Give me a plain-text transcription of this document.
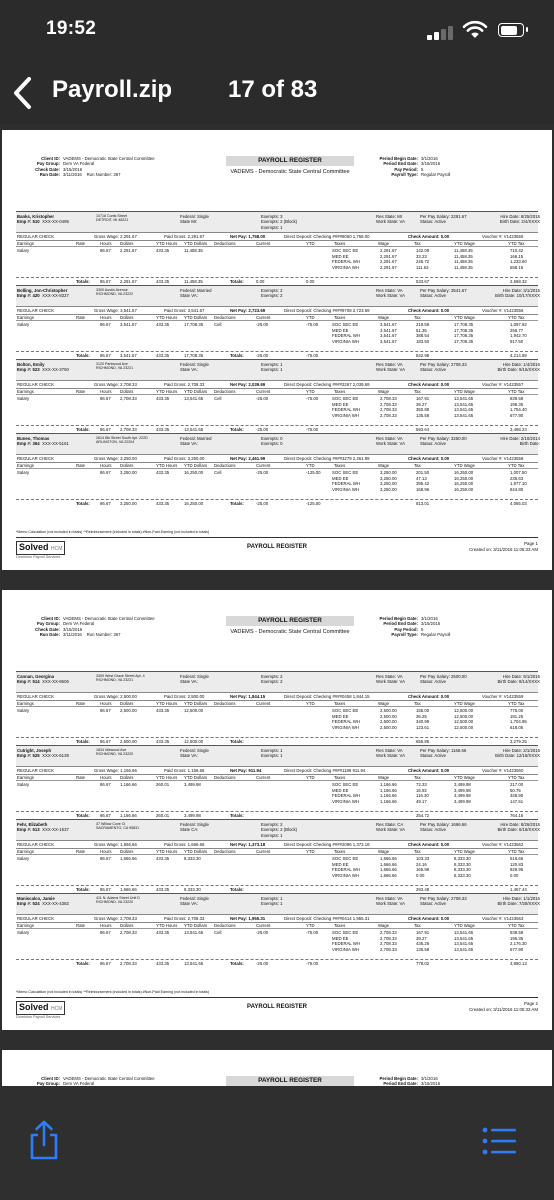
19:52
Payroll.zip 17 of 83
Client ID: VADEMS - Democratic State Central Committee
Pay Group: Dem VA Federal
Check Date: 3/15/2016
Run Date: 3/11/2016
Run Number: 367
PAYROLL REGISTER
VADEMS - Democratic State Central Committee
Period Begin Date: 3/1/2016
Period End Date: 3/15/2016
Pay Period: 5
Payroll Type: Regular Payroll
Banks, Kristopher
Emp #: 510 XXX-XX-0495
10718 Curtis Street
DETROIT, MI 48221
Federal: Single
State MI:
Exempts: 3
Exempts: 2 (Block)
Exempts: 1
Res State: MI
Work State: VA
Per Pay Salary: 2291.67
Status: Active
Hire Date: 8/25/2015
Birth Date: 2/4/XXXX
REGULAR CHECK	Gross Wage: 2,291.67	Paid Gross: 2,291.67	Net Pay: 1,758.00	Direct Deposit: Checking ####8050 1,758.00	Check Amount: 0.00	Voucher #: V1423555
Earnings	Rate	Hours Dollars	YTD Hours YTD Dollars Deductions	Current	YTD	Taxes	Wage	Tax	YTD Wage	YTD Tax
Salary	86.67 2,291.67	433.35	11,458.35	SOC SEC EE	2,291.67	142.09	11,458.35	710.42
MED EE	2,291.67	33.23	11,458.35	166.15
FEDERAL WH	2,291.67	246.72	11,458.35	1,233.60
VIRGINIA WH	2,291.67	111.63	11,458.35	558.15
Totals: 86.67 2,291.67	433.35	11,458.35	Totals:	0.00	0.00	533.67	2,668.32
Bolling, Jon-Christopher
Emp #: 420 XXX-XX-8327
3300 Austin Avenue
RICHMOND, VA 23222
Federal: Married
State VA:
Exempts: 2
Exempts: 2
Res State: VA
Work State: VA
Per Pay Salary: 3541.67
Status: Active
Hire Date: 3/1/2015
Birth Date: 10/17/XXXX
REGULAR CHECK	Gross Wage: 3,541.67	Paid Gross: 3,541.67	Net Pay: 2,723.69	Direct Deposit: Checking ####9708 2,723.69	Check Amount: 0.00	Voucher #: V1423556
Earnings	Rate	Hours Dollars	YTD Hours YTD Dollars Deductions	Current	YTD	Taxes	Wage	Tax	YTD Wage	YTD Tax
Salary	86.67 3,541.67	433.35	17,708.35	Cell	-25.00	-75.00	SOC SEC EE	3,541.67	219.59	17,708.35	1,097.92
MED EE	3,541.67	51.35	17,708.35	256.77
FEDERAL WH	3,541.67	388.54	17,708.35	1,942.70
VIRGINIA WH	3,541.67	183.50	17,708.35	917.50
Totals: 86.67 3,541.67	433.35	17,708.35	Totals:	-25.00	-75.00	842.98	4,214.89
Bolton, Emily
Emp #: 523 XXX-XX-3750
3120 Parkwood Ave
RICHMOND, VA 23221
Federal: Single
State VA:
Exempts: 1
Exempts: 1
Res State: VA
Work State: VA
Per Pay Salary: 2708.33
Status: Active
Hire Date: 1/4/2016
Birth Date: 9/16/XXXX
REGULAR CHECK	Gross Wage: 2,708.33	Paid Gross: 2,708.33	Net Pay: 2,039.69	Direct Deposit: Checking ####3267 2,039.69	Check Amount: 0.00	Voucher #: V1423557
Earnings	Rate	Hours Dollars	YTD Hours YTD Dollars Deductions	Current	YTD	Taxes	Wage	Tax	YTD Wage	YTD Tax
Salary	86.67 2,708.33	433.35	13,541.65	Cell	-25.00	-75.00	SOC SEC EE	2,708.33	167.91	13,541.65	839.58
MED EE	2,708.33	39.27	13,541.65	196.35
FEDERAL WH	2,708.33	350.88	13,541.65	1,754.40
VIRGINIA WH	2,708.33	135.58	13,541.65	677.90
Totals: 86.67 2,708.33	433.35	13,541.65	Totals:	-25.00	-75.00	693.64	3,468.23
Buneo, Thomas
Emp #: 364 XXX-XX-5161
2814 8th Street South Apt. 222D
ARLINGTON, VA 22204
Federal: Married
State VA:
Exempts: 0
Exempts: 0
Res State: VA
Work State: VA
Per Pay Salary: 3250.00
Status: Active
Hire Date: 2/10/2014
Birth Date:
REGULAR CHECK	Gross Wage: 3,250.00	Paid Gross: 3,250.00	Net Pay: 2,461.99	Direct Deposit: Checking ####3279 2,461.99	Check Amount: 0.00	Voucher #: V1423558
Earnings	Rate	Hours Dollars	YTD Hours YTD Dollars Deductions	Current	YTD	Taxes	Wage	Tax	YTD Wage	YTD Tax
Salary	86.67 3,250.00	433.35	16,250.00	Cell	-25.00	-125.00	SOC SEC EE	3,250.00	201.50	16,250.00	1,007.50
MED EE	3,250.00	47.13	16,250.00	235.63
FEDERAL WH	3,250.00	395.42	16,250.00	1,977.10
VIRGINIA WH	3,250.00	168.96	16,250.00	844.80
Totals: 86.67 3,250.00	433.35	16,250.00	Totals:	-25.00	-125.00	813.01	4,065.03
*Memo Calculation (not included in totals) **Reimbursement (included in totals) #Non-Paid Earning (not included in totals)
Solved HCM
Dominion Payroll Services
PAYROLL REGISTER
Page 1
Created on: 3/11/2016 11:05:33 AM
Client ID: VADEMS - Democratic State Central Committee
Pay Group: Dem VA Federal
Check Date: 3/15/2016
Run Date: 3/11/2016
Run Number: 367
PAYROLL REGISTER
VADEMS - Democratic State Central Committee
Period Begin Date: 3/1/2016
Period End Date: 3/15/2016
Pay Period: 5
Payroll Type: Regular Payroll
Cannan, Georgina
Emp #: 514 XXX-XX-8606
3309 West Grace Street Apt. 4
RICHMOND, VA 23221
Federal: Single
State VA:
Exempts: 2
Exempts: 2
Res State: VA
Work State: VA
Per Pay Salary: 2500.00
Status: Active
Hire Date: 9/1/2015
Birth Date: 8/14/XXXX
REGULAR CHECK	Gross Wage: 2,500.00	Paid Gross: 2,500.00	Net Pay: 1,844.15	Direct Deposit: Checking ####0458 1,844.15	Check Amount: 0.00	Voucher #: V1423559
Earnings	Rate	Hours Dollars	YTD Hours YTD Dollars Deductions	Current	YTD	Taxes	Wage	Tax	YTD Wage	YTD Tax
Salary	86.67 2,500.00	433.35	12,500.00	SOC SEC EE	2,500.00	155.00	12,500.00	775.00
MED EE	2,500.00	36.25	12,500.00	181.25
FEDERAL WH	2,500.00	340.99	12,500.00	1,704.95
VIRGINIA WH	2,500.00	123.61	12,500.00	618.05
Totals: 86.67 2,500.00	433.35	12,500.00	Totals:	655.85	3,279.25
Cutright, Joseph
Emp #: 525 XXX-XX-6139
1834 Idlewood Ave
RICHMOND, VA 23220
Federal: Single
State VA:
Exempts: 1
Exempts: 1
Res State: VA
Work State: VA
Per Pay Salary: 1166.66
Status: Active
Hire Date: 2/1/2016
Birth Date: 12/18/XXXX
REGULAR CHECK	Gross Wage: 1,166.66	Paid Gross: 1,166.66	Net Pay: 911.94	Direct Deposit: Checking ####1189 911.94	Check Amount: 0.00	Voucher #: V1423560
Earnings	Rate	Hours Dollars	YTD Hours YTD Dollars Deductions	Current	YTD	Taxes	Wage	Tax	YTD Wage	YTD Tax
Salary	86.67 1,166.66	260.01	3,499.98	SOC SEC EE	1,166.66	72.33	3,499.98	217.00
MED EE	1,166.66	16.92	3,499.98	50.75
FEDERAL WH	1,166.66	116.30	3,499.98	348.90
VIRGINIA WH	1,166.66	49.17	3,499.98	147.51
Totals: 86.67 1,166.66	260.01	3,499.98	Totals:	254.72	764.16
Fehr, Elizabeth
Emp #: 513 XXX-XX-1537
37 Willow Cove Ct
SACRAMENTO, CA 95831
Federal: Single
State CA:
Exempts: 2
Exempts: 2 (Block)
Exempts: 1
Res State: CA
Work State: VA
Per Pay Salary: 1666.66
Status: Active
Hire Date: 8/26/2015
Birth Date: 6/18/XXXX
REGULAR CHECK	Gross Wage: 1,666.66	Paid Gross: 1,666.66	Net Pay: 1,373.18	Direct Deposit: Checking ####2096 1,373.18	Check Amount: 0.00	Voucher #: V1423562
Earnings	Rate	Hours Dollars	YTD Hours YTD Dollars Deductions	Current	YTD	Taxes	Wage	Tax	YTD Wage	YTD Tax
Salary	86.67 1,666.66	433.35	8,333.30	SOC SEC EE	1,666.66	103.33	8,333.30	516.66
MED EE	1,666.66	24.16	8,333.30	120.83
FEDERAL WH	1,666.66	165.99	8,333.30	829.95
VIRGINIA WH	1,666.66	0.00	8,333.30	0.00
Totals: 86.67 1,666.66	433.35	8,333.30	Totals:	293.48	1,467.44
Maniscalco, Jamie
Emp #: 524 XXX-XX-4382
411 N. Adams Street Unit D
RICHMOND, VA 23220
Federal: Single
State VA:
Exempts: 1
Exempts: 1
Res State: VA
Work State: VA
Per Pay Salary: 2708.33
Status: Active
Hire Date: 1/1/2016
Birth Date: 7/28/XXXX
REGULAR CHECK	Gross Wage: 2,708.33	Paid Gross: 2,708.33	Net Pay: 1,955.31	Direct Deposit: Checking ####0414 1,955.31	Check Amount: 0.00	Voucher #: V1423563
Earnings	Rate	Hours Dollars	YTD Hours YTD Dollars Deductions	Current	YTD	Taxes	Wage	Tax	YTD Wage	YTD Tax
Salary	86.67 2,708.33	433.35	13,541.65	Cell	-25.00	-75.00	SOC SEC EE	2,708.33	167.91	13,541.65	839.58
MED EE	2,708.33	39.27	13,541.65	196.35
FEDERAL WH	2,708.33	435.26	13,541.65	2,176.30
VIRGINIA WH	2,708.33	135.58	13,541.65	677.90
Totals: 86.67 2,708.33	433.35	13,541.65	Totals:	-25.00	-75.00	778.02	3,890.13
*Memo Calculation (not included in totals) **Reimbursement (included in totals) #Non-Paid Earning (not included in totals)
Solved HCM
Dominion Payroll Services
PAYROLL REGISTER
Page 2
Created on: 3/11/2016 11:05:33 AM
Client ID: VADEMS - Democratic State Central Committee
Pay Group: Dem VA Federal
	PAYROLL REGISTER	Period Begin Date: 3/1/2016
Period End Date: 3/15/2016
